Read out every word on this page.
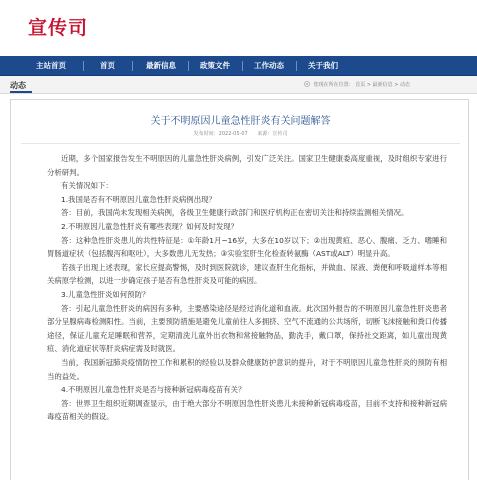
宣传司
主站首页	首页	最新信息	政策文件	工作动态	关于我们
动态	您现在所在位置： 首页 > 最新信息 > 动态
关于不明原因儿童急性肝炎有关问题解答
发布时间：2022-05-07 来源：宣传司

近期，多个国家报告发生不明原因的儿童急性肝炎病例，引发广泛关注。国家卫生健康委高度重视，及时组织专家进行分析研判。

有关情况如下：

1.我国是否有不明原因儿童急性肝炎病例出现？

答：目前，我国尚未发现相关病例，各级卫生健康行政部门和医疗机构正在密切关注和持续监测相关情况。

2.不明原因儿童急性肝炎有哪些表现？如何及时发现？

答：这种急性肝炎患儿的共性特征是：①年龄1月~16岁，大多在10岁以下；②出现黄疸、恶心、腹痛、乏力、嗜睡和胃肠道症状（包括腹泻和呕吐），大多数患儿无发热；③实验室肝生化检查转氨酶（AST或ALT）明显升高。

若孩子出现上述表现，家长应提高警惕，及时到医院就诊，建议查肝生化指标，并做血、尿液、粪便和呼吸道样本等相关病原学检测，以进一步确定孩子是否有急性肝炎及可能的病因。

3.儿童急性肝炎如何预防？

答：引起儿童急性肝炎的病因有多种，主要感染途径是经过消化道和血液。此次国外报告的不明原因儿童急性肝炎患者部分呈腺病毒检测阳性。当前，主要预防措施是避免儿童前往人多拥挤、空气不流通的公共场所，切断飞沫接触和粪口传播途径，保证儿童充足睡眠和营养，定期清洗儿童外出衣物和常接触物品，勤洗手，戴口罩，保持社交距离，如儿童出现黄疸、消化道症状等肝炎病症需及时就医。

当前，我国新冠肺炎疫情防控工作和累积的经验以及群众健康防护意识的提升，对于不明原因儿童急性肝炎的预防有相当的益处。

4.不明原因儿童急性肝炎是否与接种新冠病毒疫苗有关？

答：世界卫生组织近期调查显示，由于绝大部分不明原因急性肝炎患儿未接种新冠病毒疫苗，目前不支持和接种新冠病毒疫苗相关的假设。
